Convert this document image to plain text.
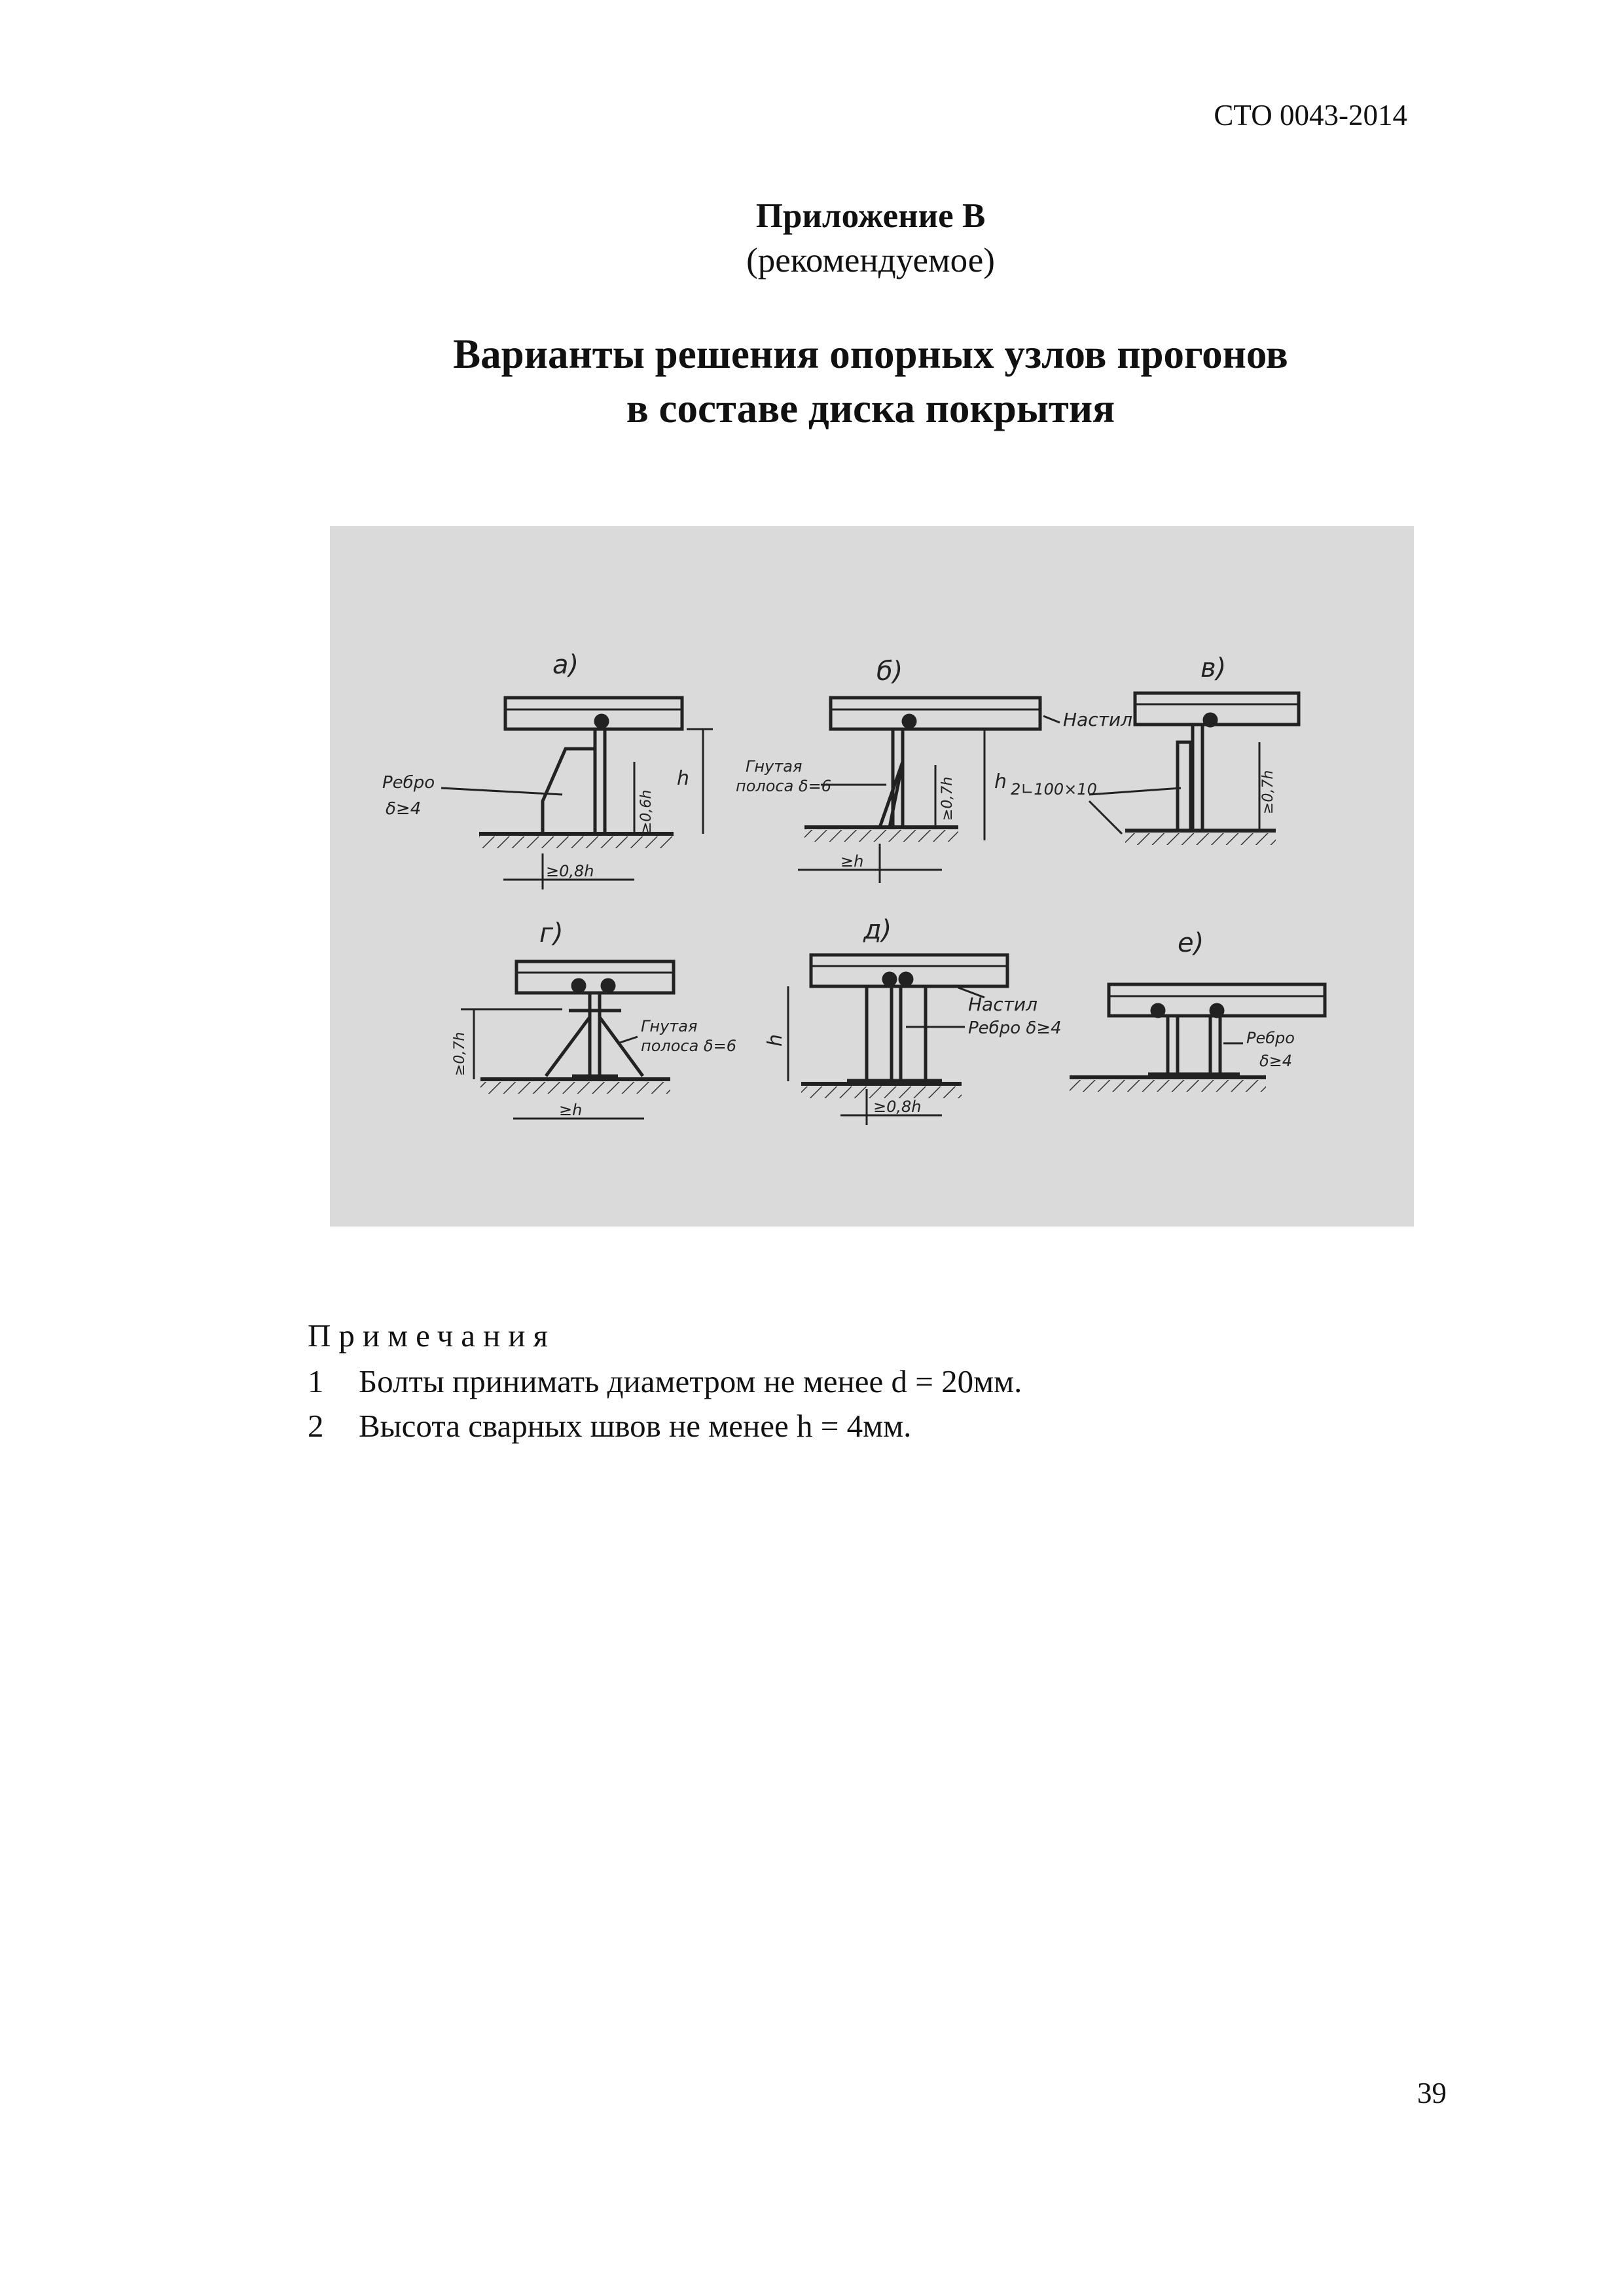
СТО 0043-2014
Приложение В
(рекомендуемое)
Варианты решения опорных узлов прогонов
в составе диска покрытия
а)
h
≥0,6h
≥0,8h
Ребро
δ≥4
б)
h
≥0,7h
≥h
Гнутая
полоса δ=6
Настил
в)
≥0,7h
2∟100×10
г)
≥0,7h
≥h
Гнутая
полоса δ=6
д)
h
≥0,8h
Настил
Ребро δ≥4
е)
Ребро
δ≥4
Примечания
1 Болты принимать диаметром не менее d = 20мм.
2 Высота сварных швов не менее h = 4мм.
39
